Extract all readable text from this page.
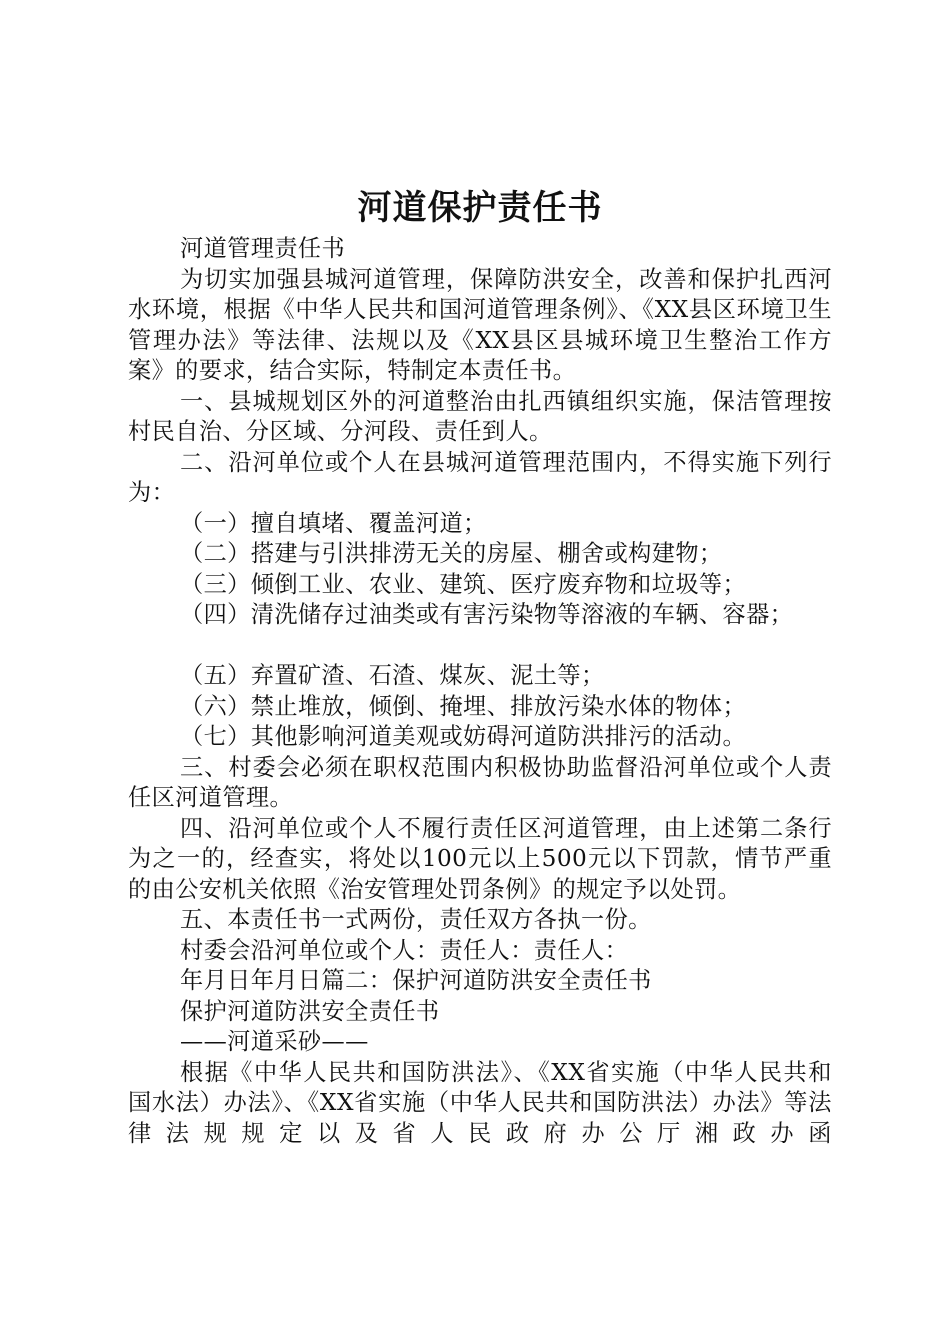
河道保护责任书

河道管理责任书

为切实加强县城河道管理，保障防洪安全，改善和保护扎西河水环境，根据《中华人民共和国河道管理条例》、《XX县区环境卫生管理办法》等法律、法规以及《XX县区县城环境卫生整治工作方案》的要求，结合实际，特制定本责任书。

一、县城规划区外的河道整治由扎西镇组织实施，保洁管理按村民自治、分区域、分河段、责任到人。

二、沿河单位或个人在县城河道管理范围内，不得实施下列行为：

（一）擅自填堵、覆盖河道；

（二）搭建与引洪排涝无关的房屋、棚舍或构建物；

（三）倾倒工业、农业、建筑、医疗废弃物和垃圾等；

（四）清洗储存过油类或有害污染物等溶液的车辆、容器；

（五）弃置矿渣、石渣、煤灰、泥土等；

（六）禁止堆放，倾倒、掩埋、排放污染水体的物体；

（七）其他影响河道美观或妨碍河道防洪排污的活动。

三、村委会必须在职权范围内积极协助监督沿河单位或个人责任区河道管理。

四、沿河单位或个人不履行责任区河道管理，由上述第二条行为之一的，经查实，将处以100元以上500元以下罚款，情节严重的由公安机关依照《治安管理处罚条例》的规定予以处罚。

五、本责任书一式两份，责任双方各执一份。

村委会沿河单位或个人：责任人：责任人：

年月日年月日篇二：保护河道防洪安全责任书

保护河道防洪安全责任书

——河道采砂——

根据《中华人民共和国防洪法》、《XX省实施（中华人民共和国水法）办法》、《XX省实施（中华人民共和国防洪法）办法》等法律法规规定以及省人民政府办公厅湘政办函
